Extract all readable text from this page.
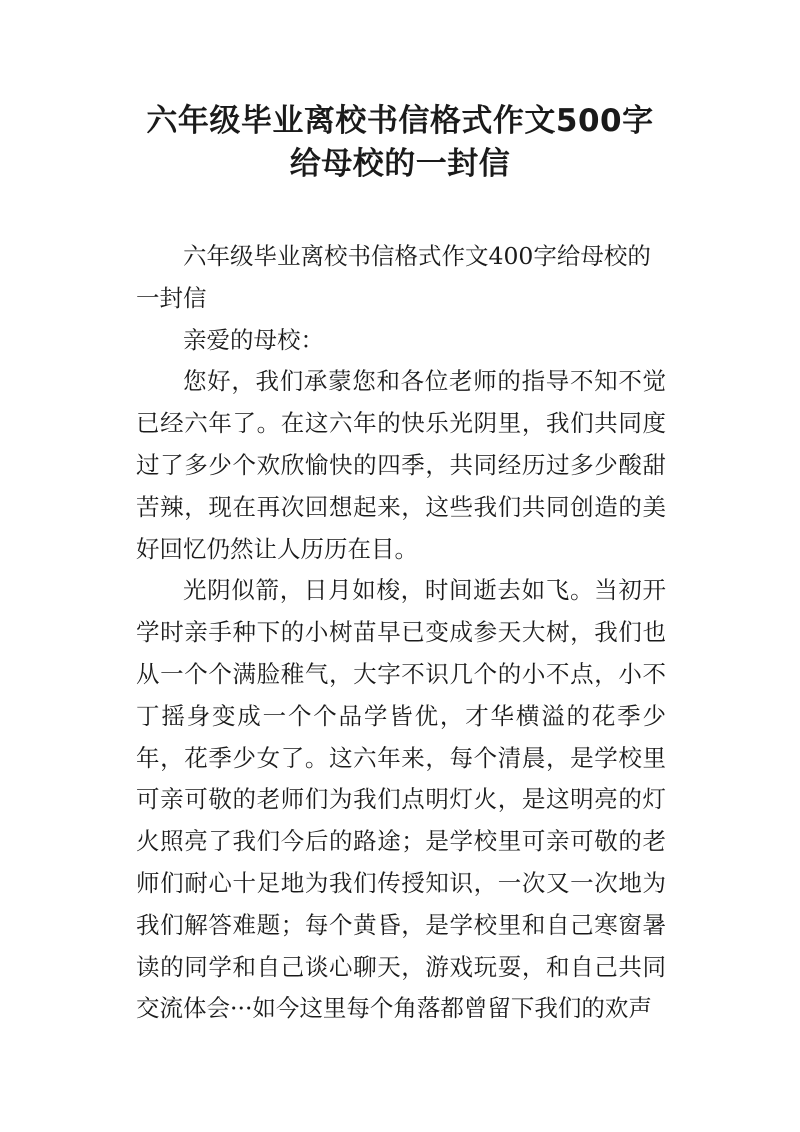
六年级毕业离校书信格式作文500字
给母校的一封信

六年级毕业离校书信格式作文400字给母校的一封信

亲爱的母校：

您好，我们承蒙您和各位老师的指导不知不觉已经六年了。在这六年的快乐光阴里，我们共同度过了多少个欢欣愉快的四季，共同经历过多少酸甜苦辣，现在再次回想起来，这些我们共同创造的美好回忆仍然让人历历在目。

光阴似箭，日月如梭，时间逝去如飞。当初开学时亲手种下的小树苗早已变成参天大树，我们也从一个个满脸稚气，大字不识几个的小不点，小不丁摇身变成一个个品学皆优，才华横溢的花季少年，花季少女了。这六年来，每个清晨，是学校里可亲可敬的老师们为我们点明灯火，是这明亮的灯火照亮了我们今后的路途；是学校里可亲可敬的老师们耐心十足地为我们传授知识，一次又一次地为我们解答难题；每个黄昏，是学校里和自己寒窗暑读的同学和自己谈心聊天，游戏玩耍，和自己共同交流体会···如今这里每个角落都曾留下我们的欢声
